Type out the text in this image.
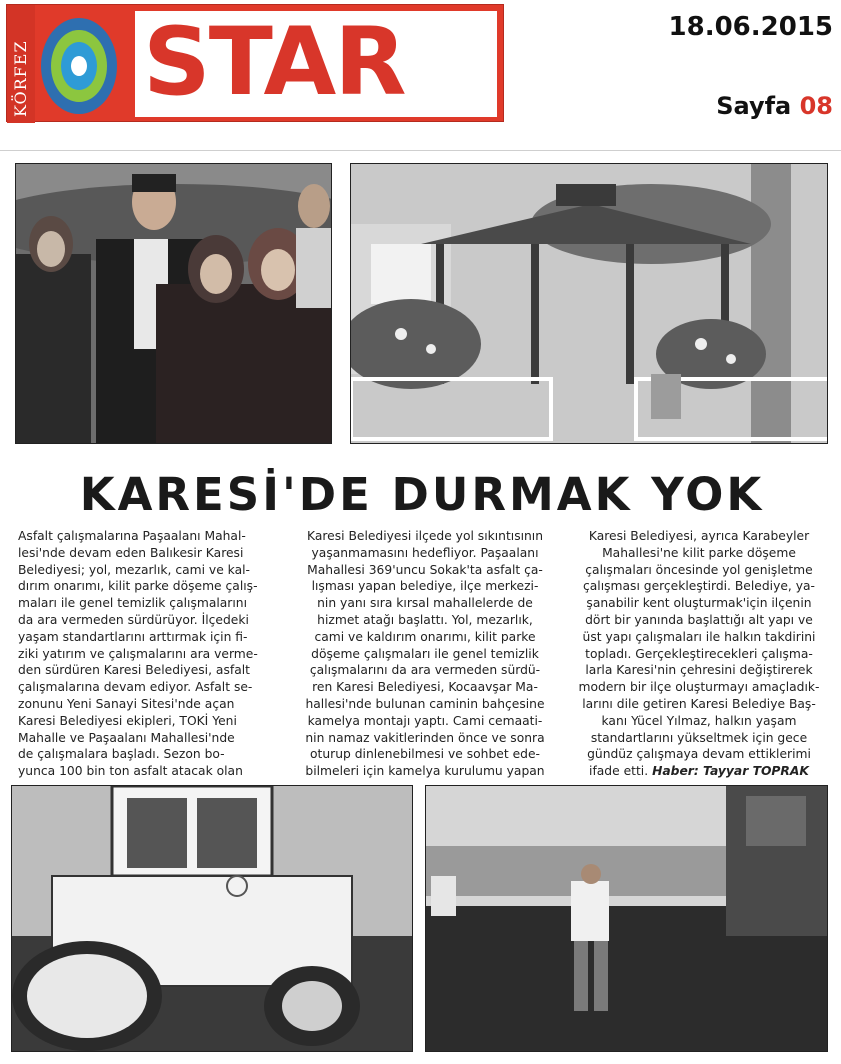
KÖRFEZ STAR	18.06.2015
Sayfa 08
KARESİ'DE DURMAK YOK
Asfalt çalışmalarına Paşaalanı Mahal-
lesi'nde devam eden Balıkesir Karesi
Belediyesi; yol, mezarlık, cami ve kal-
dırım onarımı, kilit parke döşeme çalış-
maları ile genel temizlik çalışmalarını
da ara vermeden sürdürüyor. İlçedeki
yaşam standartlarını arttırmak için fi-
ziki yatırım ve çalışmalarını ara verme-
den sürdüren Karesi Belediyesi, asfalt
çalışmalarına devam ediyor. Asfalt se-
zonunu Yeni Sanayi Sitesi'nde açan
Karesi Belediyesi ekipleri, TOKİ Yeni
Mahalle ve Paşaalanı Mahallesi'nde
de çalışmalara başladı. Sezon bo-
yunca 100 bin ton asfalt atacak olan
Karesi Belediyesi ilçede yol sıkıntısının
yaşanmamasını hedefliyor. Paşaalanı
Mahallesi 369'uncu Sokak'ta asfalt ça-
lışması yapan belediye, ilçe merkezi-
nin yanı sıra kırsal mahallelerde de
hizmet atağı başlattı. Yol, mezarlık,
cami ve kaldırım onarımı, kilit parke
döşeme çalışmaları ile genel temizlik
çalışmalarını da ara vermeden sürdü-
ren Karesi Belediyesi, Kocaavşar Ma-
hallesi'nde bulunan caminin bahçesine
kamelya montajı yaptı. Cami cemaati-
nin namaz vakitlerinden önce ve sonra
oturup dinlenebilmesi ve sohbet ede-
bilmeleri için kamelya kurulumu yapan
Karesi Belediyesi, ayrıca Karabeyler
Mahallesi'ne kilit parke döşeme
çalışmaları öncesinde yol genişletme
çalışması gerçekleştirdi. Belediye, ya-
şanabilir kent oluşturmak'için ilçenin
dört bir yanında başlattığı alt yapı ve
üst yapı çalışmaları ile halkın takdirini
topladı. Gerçekleştirecekleri çalışma-
larla Karesi'nin çehresini değiştirerek
modern bir ilçe oluşturmayı amaçladık-
larını dile getiren Karesi Belediye Baş-
kanı Yücel Yılmaz, halkın yaşam
standartlarını yükseltmek için gece
gündüz çalışmaya devam ettiklerimi
ifade etti. Haber: Tayyar TOPRAK
